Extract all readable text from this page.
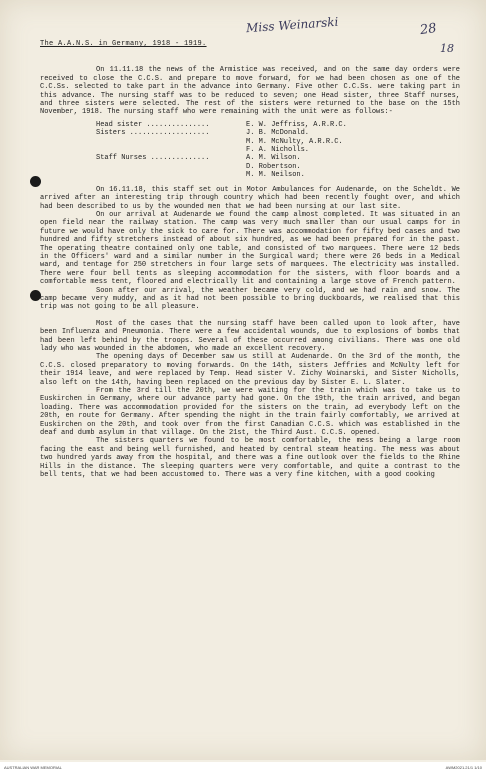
Miss Weinarski	28
18
The A.A.N.S. in Germany, 1918 - 1919.

On 11.11.18 the news of the Armistice was received, and on the same day orders were received to close the C.C.S. and prepare to move forward, for we had been chosen as one of the C.C.Ss. selected to take part in the advance into Germany. Five other C.C.Ss. were taking part in this advance. The nursing staff was to be reduced to seven; one Head sister, three Staff nurses, and three sisters were selected. The rest of the sisters were returned to the base on the 15th November, 1918. The nursing staff who were remaining with the unit were as follows:-

Head sister ...............	E. W. Jeffriss, A.R.R.C.
Sisters ...................	J. B. McDonald.
M. M. McNulty, A.R.R.C.
F. A. Nicholls.
Staff Nurses ..............	A. M. Wilson.
D. Robertson.
M. M. Neilson.

On 16.11.18, this staff set out in Motor Ambulances for Audenarde, on the Scheldt. We arrived after an interesting trip through country which had been recently fought over, and which had been described to us by the wounded men that we had been nursing at our last site.

On our arrival at Audenarde we found the camp almost completed. It was situated in an open field near the railway station. The camp was very much smaller than our usual camps for in future we would have only the sick to care for. There was accommodation for fifty bed cases and two hundred and fifty stretchers instead of about six hundred, as we had been prepared for in the past. The operating theatre contained only one table, and consisted of two marquees. There were 12 beds in the Officers' ward and a similar number in the Surgical ward; there were 26 beds in a Medical ward, and tentage for 250 stretchers in four large sets of marquees. The electricity was installed. There were four bell tents as sleeping accommodation for the sisters, with floor boards and a comfortable mess tent, floored and electrically lit and containing a large stove of French pattern.

Soon after our arrival, the weather became very cold, and we had rain and snow. The camp became very muddy, and as it had not been possible to bring duckboards, we realised that this trip was not going to be all pleasure.

Most of the cases that the nursing staff have been called upon to look after, have been Influenza and Pneumonia. There were a few accidental wounds, due to explosions of bombs that had been left behind by the troops. Several of these occurred among civilians. There was one old lady who was wounded in the abdomen, who made an excellent recovery.

The opening days of December saw us still at Audenarde. On the 3rd of the month, the C.C.S. closed preparatory to moving forwards. On the 14th, sisters Jeffries and McNulty left for their 1914 leave, and were replaced by Temp. Head sister V. Zichy Woinarski, and Sister Nicholls, also left on the 14th, having been replaced on the previous day by Sister E. L. Slater.

From the 3rd till the 20th, we were waiting for the train which was to take us to Euskirchen in Germany, where our advance party had gone. On the 19th, the train arrived, and began loading. There was accommodation provided for the sisters on the train, ad everybody left on the 20th, en route for Germany. After spending the night in the train fairly comfortably, we arrived at Euskirchen on the 20th, and took over from the first Canadian C.C.S. which was established in the deaf and dumb asylum in that village. On the 21st, the Third Aust. C.C.S. opened.

The sisters quarters we found to be most comfortable, the mess being a large room facing the east and being well furnished, and heated by central steam heating. The mess was about two hundred yards away from the hospital, and there was a fine outlook over the fields to the Rhine Hills in the distance. The sleeping quarters were very comfortable, and quite a contrast to the bell tents, that we had been accustomed to. There was a very fine kitchen, with a good cooking

AUSTRALIAN WAR MEMORIAL	AWM2021.21/1 1/10
